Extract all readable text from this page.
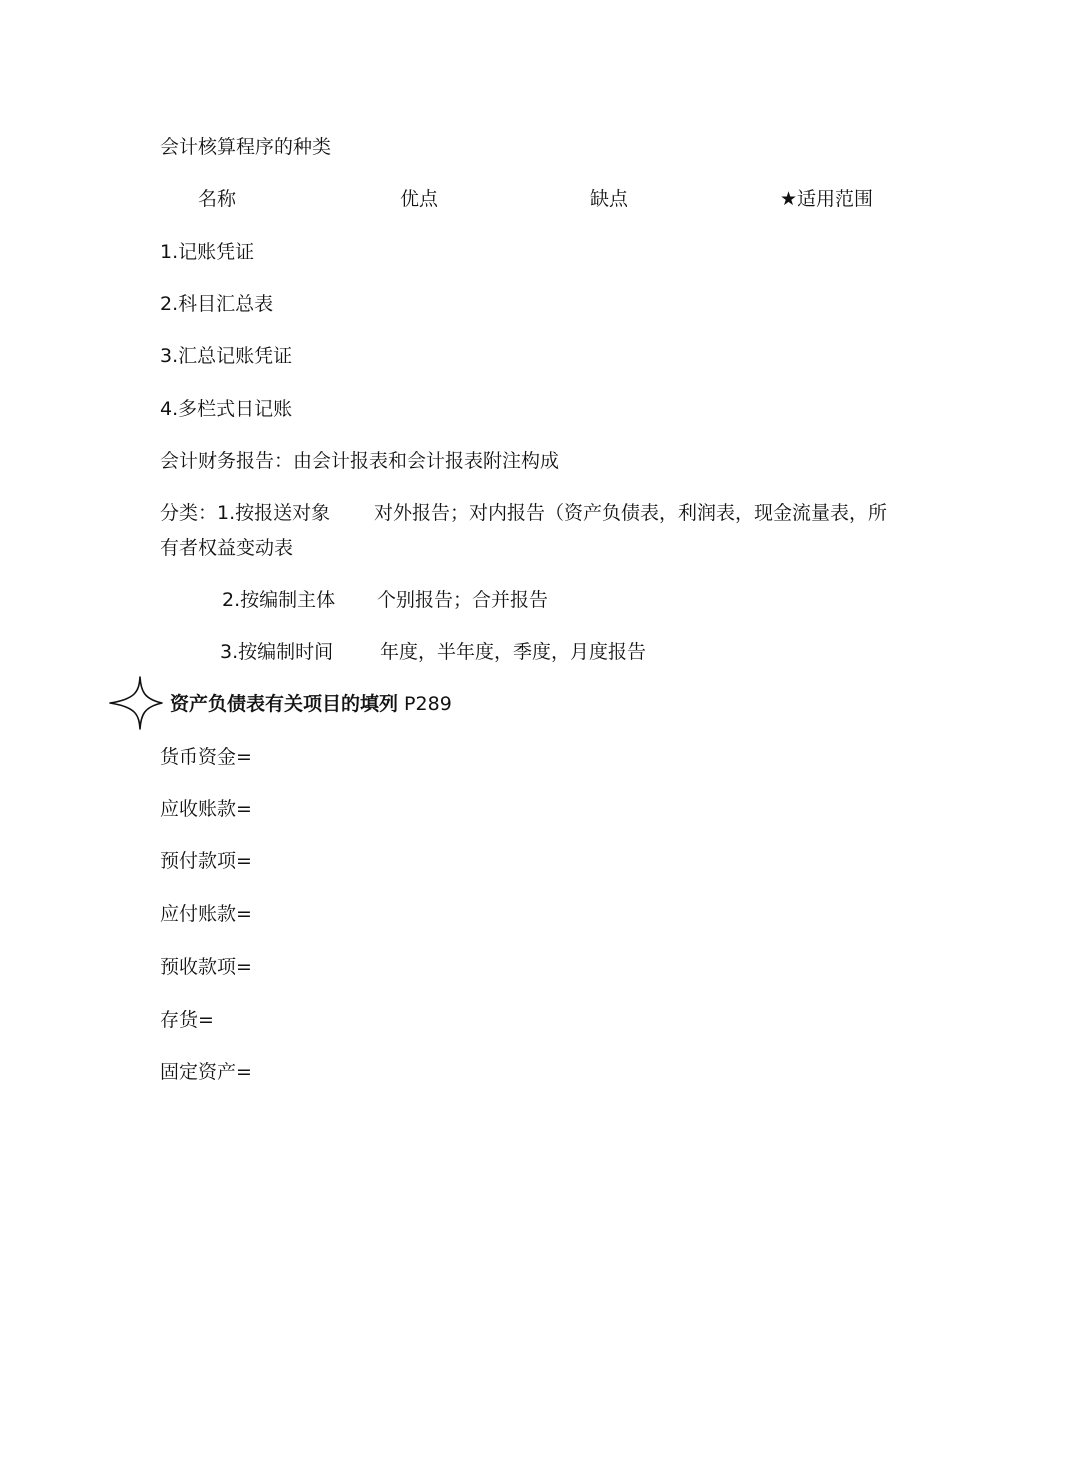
会计核算程序的种类
名称	优点	缺点	★适用范围
1.记账凭证
2.科目汇总表
3.汇总记账凭证
4.多栏式日记账
会计财务报告：由会计报表和会计报表附注构成
分类：1.按报送对象 对外报告；对内报告（资产负债表，利润表，现金流量表，所
有者权益变动表
2.按编制主体 个别报告；合并报告
3.按编制时间 年度，半年度，季度，月度报告
资产负债表有关项目的填列 P289
货币资金=
应收账款=
预付款项=
应付账款=
预收款项=
存货=
固定资产=
